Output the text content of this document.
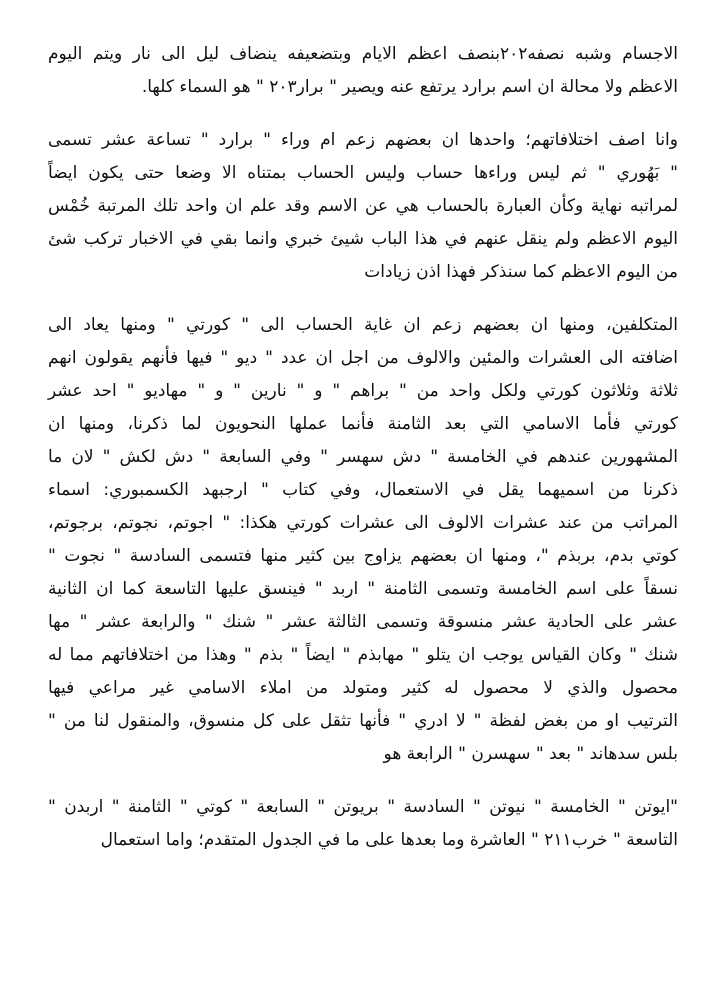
الاجسام وشبه نصفه٢٠٢بنصف اعظم الايام وبتضعيفه ينضاف ليل الى نار ويتم اليوم
الاعظم ولا محالة ان اسم برارد يرتفع عنه ويصير " برار٢٠٣ " هو السماء كلها.
وانا اصف اختلافاتهم؛ واحدها ان بعضهم زعم ام وراء " برارد " تساعة عشر تسمى
" بَهُوري " ثم ليس وراءها حساب وليس الحساب بمتناه الا وضعا حتى يكون ايضاً
لمراتبه نهاية وكأن العبارة بالحساب هي عن الاسم وقد علم ان واحد تلك المرتبة خُمْس
اليوم الاعظم ولم ينقل عنهم في هذا الباب شيئ خبري وانما بقي في الاخبار تركب شئ
من اليوم الاعظم كما سنذكر فهذا اذن زيادات
المتكلفين، ومنها ان بعضهم زعم ان غاية الحساب الى " كورتي " ومنها يعاد الى
اضافته الى العشرات والمئين والالوف من اجل ان عدد " ديو " فيها فأنهم يقولون انهم
ثلاثة وثلاثون كورتي ولكل واحد من " براهم " و " نارين " و " مهاديو " احد عشر
كورتي فأما الاسامي التي بعد الثامنة فأنما عملها النحويون لما ذكرنا، ومنها ان
المشهورين عندهم في الخامسة " دش سهسر " وفي السابعة " دش لكش " لان ما
ذكرنا من اسميهما يقل في الاستعمال، وفي كتاب " ارجبهد الكسمبوري: اسماء
المراتب من عند عشرات الالوف الى عشرات كورتي هكذا: " اجوتم، نجوتم، برجوتم،
كوتي بدم، بربذم "، ومنها ان بعضهم يزاوج بين كثير منها فتسمى السادسة " نجوت "
نسقاً على اسم الخامسة وتسمى الثامنة " اربد " فينسق عليها التاسعة كما ان الثانية
عشر على الحادية عشر منسوقة وتسمى الثالثة عشر " شنك " والرابعة عشر " مها
شنك " وكان القياس يوجب ان يتلو " مهابذم " ايضاً " بذم " وهذا من اختلافاتهم مما له
محصول والذي لا محصول له كثير ومتولد من املاء الاسامي غير مراعي فيها
الترتيب او من بغض لفظة " لا ادري " فأنها تثقل على كل منسوق، والمنقول لنا من "
بلس سدهاند " بعد " سهسرن " الرابعة هو
"ايوتن " الخامسة " نيوتن " السادسة " بريوتن " السابعة " كوتي " الثامنة " اربدن "
التاسعة " خرب٢١١ " العاشرة وما بعدها على ما في الجدول المتقدم؛ واما استعمال
